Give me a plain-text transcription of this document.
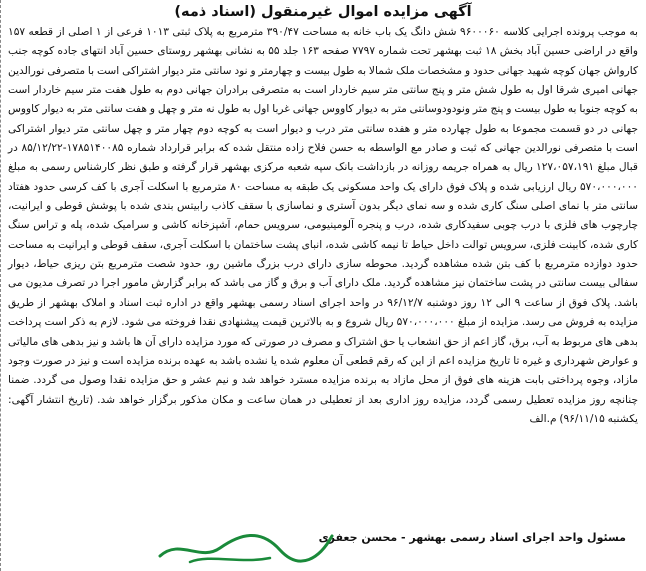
آگهی مزایده اموال غیرمنقول (اسناد ذمه)

به موجب پرونده اجرایی کلاسه ۹۶۰۰۰۶۰ شش دانگ یک باب خانه به مساحت ۳۹۰/۴۷ مترمربع به پلاک ثبتی ۱۰۱۳ فرعی از ۱ اصلی از قطعه ۱۵۷ واقع در اراضی حسین آباد بخش ۱۸ ثبت بهشهر تحت شماره ۷۷۹۷ صفحه ۱۶۳ جلد ۵۵ به نشانی بهشهر روستای حسین آباد انتهای جاده کوچه جنب کارواش جهان کوچه شهید جهانی حدود و مشخصات ملک شمالا به طول بیست و چهارمتر و نود سانتی متر دیوار اشتراکی است با متصرفی نورالدین جهانی امیری شرقا اول به طول شش متر و پنج سانتی متر سیم خاردار است به متصرفی برادران جهانی دوم به طول هفت متر سیم خاردار است به کوچه جنوبا به طول بیست و پنج متر ونودودوسانتی متر به دیوار کاووس جهانی غربا اول به طول نه متر و چهل و هفت سانتی متر به دیوار کاووس جهانی در دو قسمت مجموعا به طول چهارده متر و هفده سانتی متر درب و دیوار است به کوچه دوم چهار متر و چهل سانتی متر دیوار اشتراکی است با متصرفی نورالدین جهانی که ثبت و صادر مع الواسطه به حسن فلاح زاده منتقل شده که برابر قرارداد شماره ۱۷۸۵۱۴۰۰۸۵-۸۵/۱۲/۲۲ در قبال مبلغ ۱۲۷،۰۵۷،۱۹۱ ریال به همراه جریمه روزانه در بازداشت بانک سپه شعبه مرکزی بهشهر قرار گرفته و طبق نظر کارشناس رسمی به مبلغ ۵۷۰،۰۰۰،۰۰۰ ریال ارزیابی شده و پلاک فوق دارای یک واحد مسکونی یک طبقه به مساحت ۸۰ مترمربع با اسکلت آجری با کف کرسی حدود هفتاد سانتی متر با نمای اصلی سنگ کاری شده و سه نمای دیگر بدون آستری و نماسازی با سقف کاذب رابیتس بندی شده با پوشش قوطی و ایرانیت، چارچوب های فلزی با درب چوبی سفیدکاری شده، درب و پنجره آلومینیومی، سرویس حمام، آشپزخانه کاشی و سرامیک شده، پله و تراس سنگ کاری شده، کابینت فلزی، سرویس توالت داخل حیاط تا نیمه کاشی شده، انبای پشت ساختمان با اسکلت آجری، سقف قوطی و ایرانیت به مساحت حدود دوازده مترمربع با کف بتن شده مشاهده گردید. محوطه سازی دارای درب بزرگ ماشین رو، حدود شصت مترمربع بتن ریزی حیاط، دیوار سفالی بیست سانتی در پشت ساختمان نیز مشاهده گردید. ملک دارای آب و برق و گاز می باشد که برابر گزارش مامور اجرا در تصرف مدیون می باشد. پلاک فوق از ساعت ۹ الی ۱۲ روز دوشنبه ۹۶/۱۲/۷ در واحد اجرای اسناد رسمی بهشهر واقع در اداره ثبت اسناد و املاک بهشهر از طریق مزایده به فروش می رسد. مزایده از مبلغ ۵۷۰،۰۰۰،۰۰۰ ریال شروع و به بالاترین قیمت پیشنهادی نقدا فروخته می شود. لازم به ذکر است پرداخت بدهی های مربوط به آب، برق، گاز اعم از حق انشعاب یا حق اشتراک و مصرف در صورتی که مورد مزایده دارای آن ها باشد و نیز بدهی های مالیاتی و عوارض شهرداری و غیره تا تاریخ مزایده اعم از این که رقم قطعی آن معلوم شده یا نشده باشد به عهده برنده مزایده است و نیز در صورت وجود مازاد، وجوه پرداختی بابت هزینه های فوق از محل مازاد به برنده مزایده مسترد خواهد شد و نیم عشر و حق مزایده نقدا وصول می گردد. ضمنا چنانچه روز مزایده تعطیل رسمی گردد، مزایده روز اداری بعد از تعطیلی در همان ساعت و مکان مذکور برگزار خواهد شد. (تاریخ انتشار آگهی: یکشنبه ۹۶/۱۱/۱۵) م.الف

مسئول واحد اجرای اسناد رسمی بهشهر - محسن جعفری
